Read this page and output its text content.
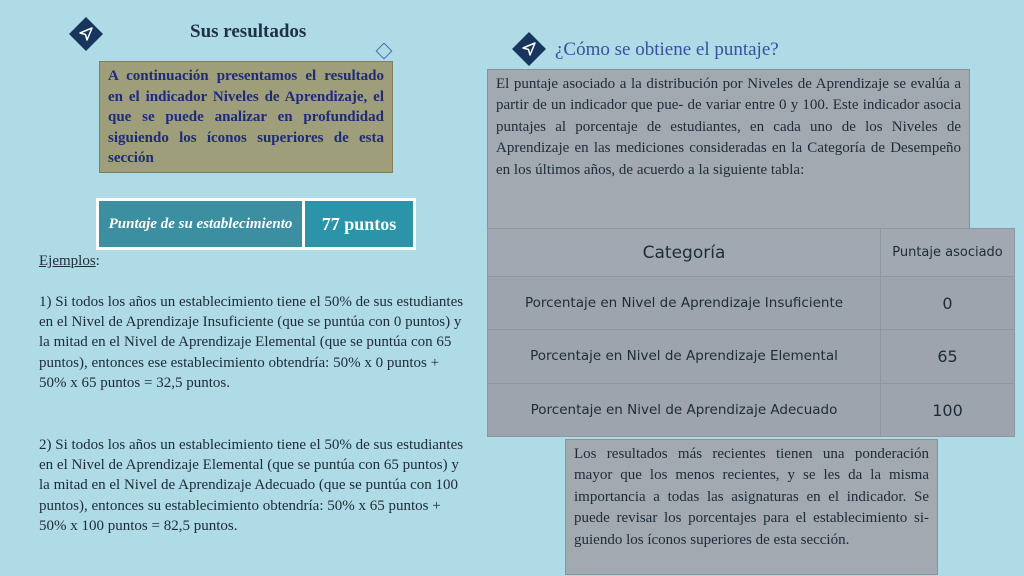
Sus resultados
A continuación presentamos el resultado en el indicador Niveles de Aprendizaje, el que se puede analizar en profundidad siguiendo los íconos superiores de esta sección
Puntaje de su establecimiento	77 puntos
Ejemplos:
1) Si todos los años un establecimiento tiene el 50% de sus estudiantes en el Nivel de Aprendizaje Insuficiente (que se puntúa con 0 puntos) y la mitad en el Nivel de Aprendizaje Elemental (que se puntúa con 65 puntos), entonces ese establecimiento obtendría: 50% x 0 puntos + 50% x 65 puntos = 32,5 puntos.
2) Si todos los años un establecimiento tiene el 50% de sus estudiantes en el Nivel de Aprendizaje Elemental (que se puntúa con 65 puntos) y la mitad en el Nivel de Aprendizaje Adecuado (que se puntúa con 100 puntos), entonces su establecimiento obtendría: 50% x 65 puntos + 50% x 100 puntos = 82,5 puntos.
¿Cómo se obtiene el puntaje?
El puntaje asociado a la distribución por Niveles de Aprendizaje se evalúa a partir de un indicador que pue- de variar entre 0 y 100. Este indicador asocia puntajes al porcentaje de estudiantes, en cada uno de los Niveles de Aprendizaje en las mediciones consideradas en la Categoría de Desempeño en los últimos años, de acuerdo a la siguiente tabla:
Categoría	Puntaje asociado
Porcentaje en Nivel de Aprendizaje Insuficiente	0
Porcentaje en Nivel de Aprendizaje Elemental	65
Porcentaje en Nivel de Aprendizaje Adecuado	100
Los resultados más recientes tienen una ponderación mayor que los menos recientes, y se les da la misma importancia a todas las asignaturas en el indicador. Se puede revisar los porcentajes para el establecimiento si- guiendo los íconos superiores de esta sección.
